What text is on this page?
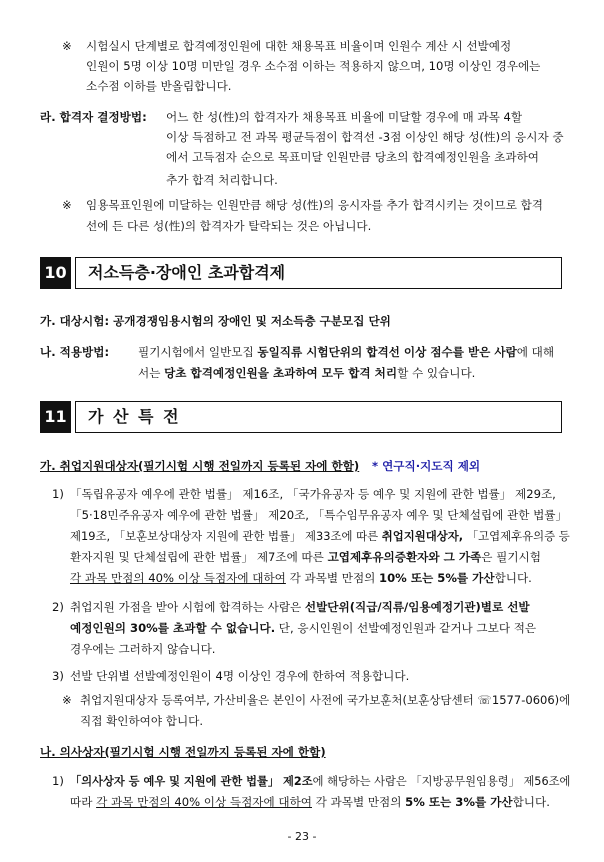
※ 시험실시 단계별로 합격예정인원에 대한 채용목표 비율이며 인원수 계산 시 선발예정
인원이 5명 이상 10명 미만일 경우 소수점 이하는 적용하지 않으며, 10명 이상인 경우에는
소수점 이하를 반올림합니다.
라. 합격자 결정방법: 어느 한 성(性)의 합격자가 채용목표 비율에 미달할 경우에 매 과목 4할
이상 득점하고 전 과목 평균득점이 합격선 -3점 이상인 해당 성(性)의 응시자 중
에서 고득점자 순으로 목표미달 인원만큼 당초의 합격예정인원을 초과하여
추가 합격 처리합니다.
※ 임용목표인원에 미달하는 인원만큼 해당 성(性)의 응시자를 추가 합격시키는 것이므로 합격
선에 든 다른 성(性)의 합격자가 탈락되는 것은 아닙니다.
10	저소득층·장애인 초과합격제
가. 대상시험: 공개경쟁임용시험의 장애인 및 저소득층 구분모집 단위
나. 적용방법: 필기시험에서 일반모집 동일직류 시험단위의 합격선 이상 점수를 받은 사람에 대해
서는 당초 합격예정인원을 초과하여 모두 합격 처리할 수 있습니다.
11	가 산 특 전
가. 취업지원대상자(필기시험 시행 전일까지 등록된 자에 한함) * 연구직·지도직 제외
1) 「독립유공자 예우에 관한 법률」 제16조, 「국가유공자 등 예우 및 지원에 관한 법률」 제29조,
「5·18민주유공자 예우에 관한 법률」 제20조, 「특수임무유공자 예우 및 단체설립에 관한 법률」
제19조, 「보훈보상대상자 지원에 관한 법률」 제33조에 따른 취업지원대상자, 「고엽제후유의증 등
환자지원 및 단체설립에 관한 법률」 제7조에 따른 고엽제후유의증환자와 그 가족은 필기시험
각 과목 만점의 40% 이상 득점자에 대하여 각 과목별 만점의 10% 또는 5%를 가산합니다.
2) 취업지원 가점을 받아 시험에 합격하는 사람은 선발단위(직급/직류/임용예정기관)별로 선발
예정인원의 30%를 초과할 수 없습니다. 단, 응시인원이 선발예정인원과 같거나 그보다 적은
경우에는 그러하지 않습니다.
3) 선발 단위별 선발예정인원이 4명 이상인 경우에 한하여 적용합니다.
※ 취업지원대상자 등록여부, 가산비율은 본인이 사전에 국가보훈처(보훈상담센터 ☏1577-0606)에
직접 확인하여야 합니다.
나. 의사상자(필기시험 시행 전일까지 등록된 자에 한함)
1) 「의사상자 등 예우 및 지원에 관한 법률」 제2조에 해당하는 사람은 「지방공무원임용령」 제56조에
따라 각 과목 만점의 40% 이상 득점자에 대하여 각 과목별 만점의 5% 또는 3%를 가산합니다.
- 23 -
